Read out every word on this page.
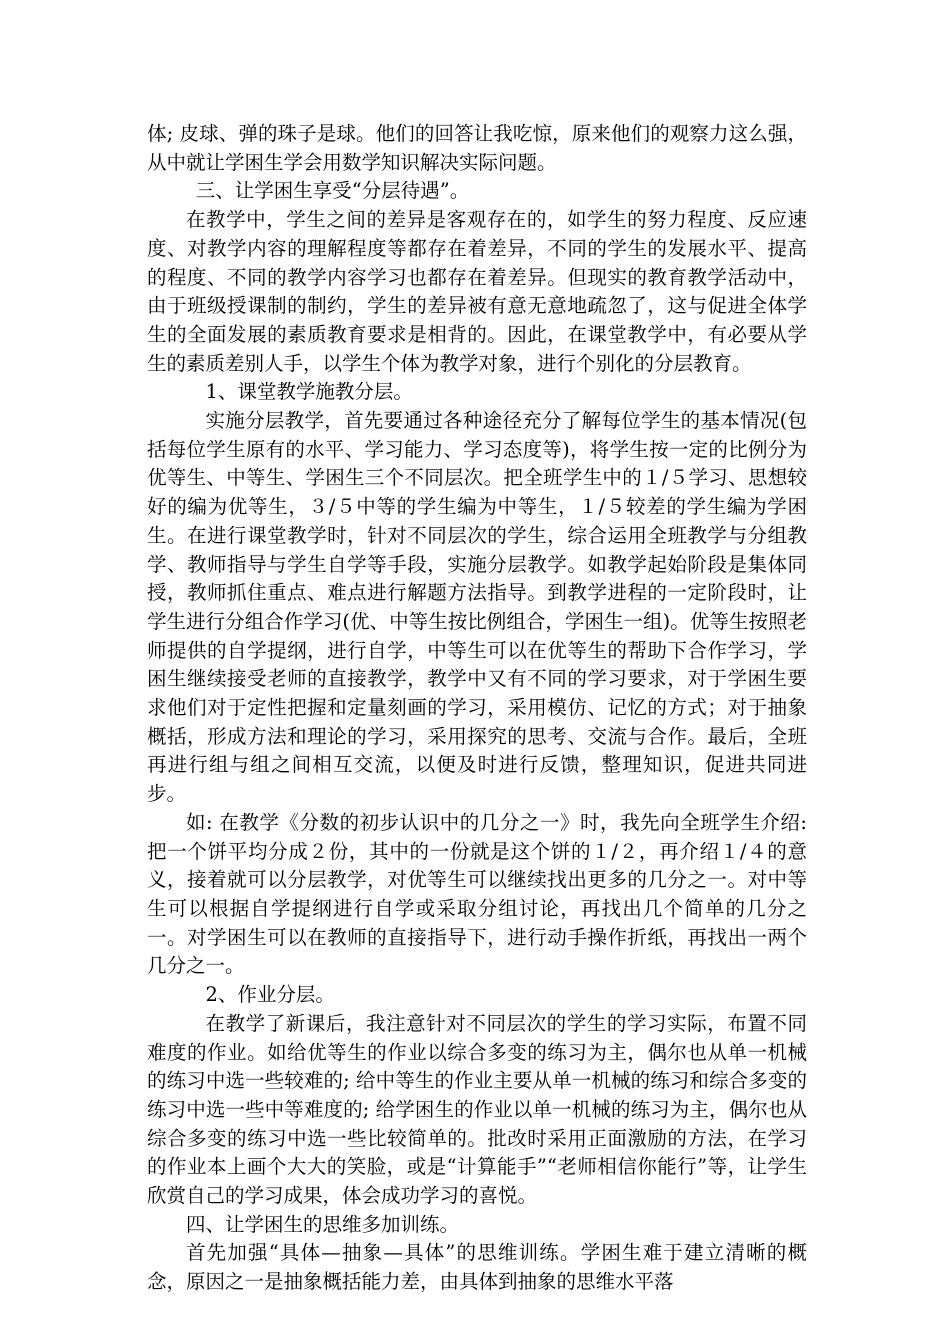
体; 皮球、弹的珠子是球。他们的回答让我吃惊，原来他们的观察力这么强，从中就让学困生学会用数学知识解决实际问题。

三、让学困生享受“分层待遇”。

在教学中，学生之间的差异是客观存在的，如学生的努力程度、反应速度、对教学内容的理解程度等都存在着差异，不同的学生的发展水平、提高的程度、不同的教学内容学习也都存在着差异。但现实的教育教学活动中，由于班级授课制的制约，学生的差异被有意无意地疏忽了，这与促进全体学生的全面发展的素质教育要求是相背的。因此，在课堂教学中，有必要从学生的素质差别人手，以学生个体为教学对象，进行个别化的分层教育。

1、课堂教学施教分层。

实施分层教学，首先要通过各种途径充分了解每位学生的基本情况(包括每位学生原有的水平、学习能力、学习态度等)，将学生按一定的比例分为优等生、中等生、学困生三个不同层次。把全班学生中的１/５学习、思想较好的编为优等生，３/５中等的学生编为中等生，１/５较差的学生编为学困生。在进行课堂教学时，针对不同层次的学生，综合运用全班教学与分组教学、教师指导与学生自学等手段，实施分层教学。如教学起始阶段是集体同授，教师抓住重点、难点进行解题方法指导。到教学进程的一定阶段时，让学生进行分组合作学习(优、中等生按比例组合，学困生一组)。优等生按照老师提供的自学提纲，进行自学，中等生可以在优等生的帮助下合作学习，学困生继续接受老师的直接教学，教学中又有不同的学习要求，对于学困生要求他们对于定性把握和定量刻画的学习，采用模仿、记忆的方式；对于抽象概括，形成方法和理论的学习，采用探究的思考、交流与合作。最后，全班再进行组与组之间相互交流，以便及时进行反馈，整理知识，促进共同进步。

如: 在教学《分数的初步认识中的几分之一》时，我先向全班学生介绍: 把一个饼平均分成２份，其中的一份就是这个饼的１/２，再介绍１/４的意义，接着就可以分层教学，对优等生可以继续找出更多的几分之一。对中等生可以根据自学提纲进行自学或采取分组讨论，再找出几个简单的几分之一。对学困生可以在教师的直接指导下，进行动手操作折纸，再找出一两个几分之一。

2、作业分层。

在教学了新课后，我注意针对不同层次的学生的学习实际，布置不同难度的作业。如给优等生的作业以综合多变的练习为主，偶尔也从单一机械的练习中选一些较难的; 给中等生的作业主要从单一机械的练习和综合多变的练习中选一些中等难度的; 给学困生的作业以单一机械的练习为主，偶尔也从综合多变的练习中选一些比较简单的。批改时采用正面激励的方法，在学习的作业本上画个大大的笑脸，或是“计算能手”“老师相信你能行”等，让学生欣赏自己的学习成果，体会成功学习的喜悦。

四、让学困生的思维多加训练。

首先加强“具体—抽象—具体”的思维训练。学困生难于建立清晰的概念，原因之一是抽象概括能力差，由具体到抽象的思维水平落
